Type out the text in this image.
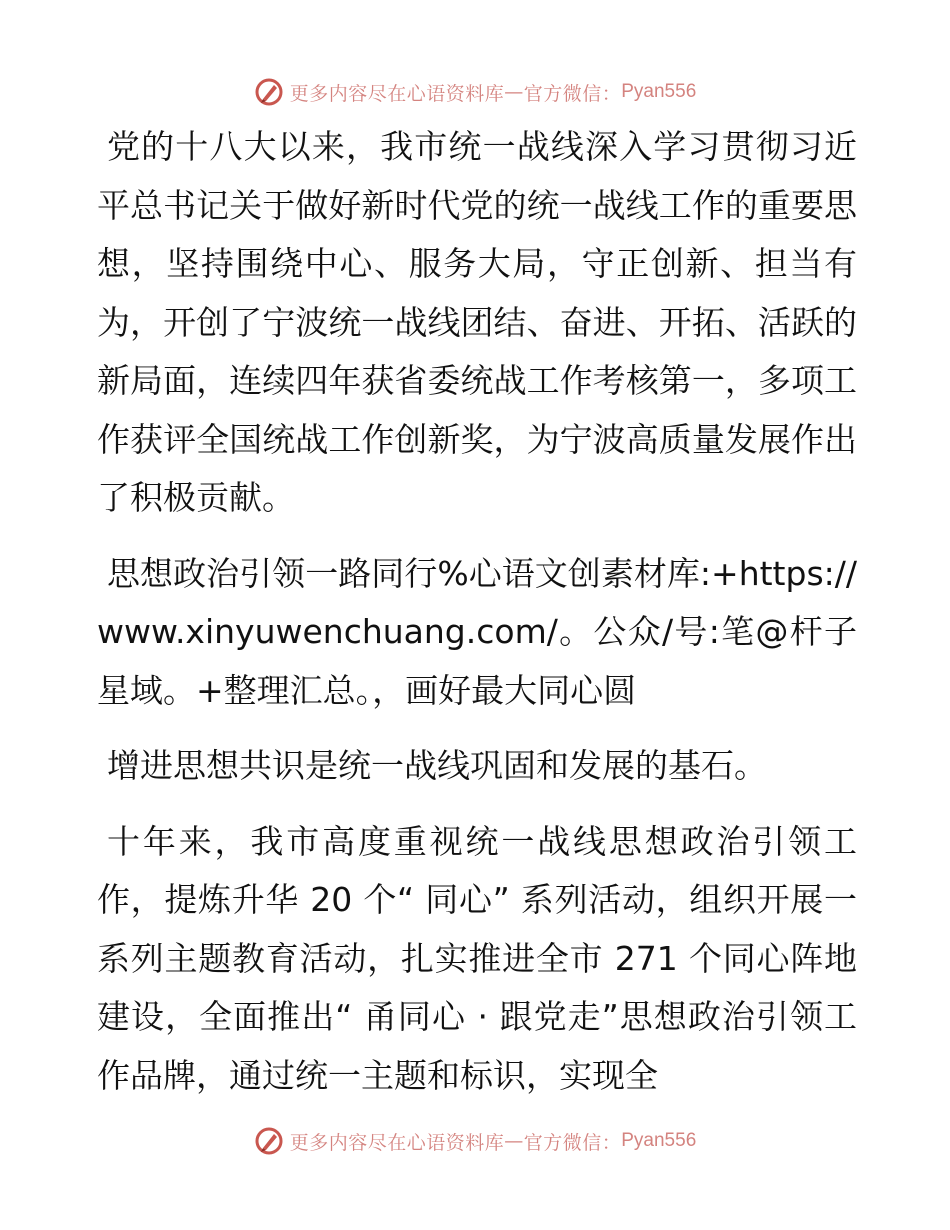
更多内容尽在心语资料库 — 官方微信： Pyan556

党的十八大以来，我市统一战线深入学习贯彻习近平总书记关于做好新时代党的统一战线工作的重要思想，坚持围绕中心、服务大局，守正创新、担当有为，开创了宁波统一战线团结、奋进、开拓、活跃的新局面，连续四年获省委统战工作考核第一，多项工作获评全国统战工作创新奖，为宁波高质量发展作出了积极贡献。

思想政治引领一路同行%心语文创素材库:+https://www.xinyuwenchuang.com/。公众/号:笔@杆子星域。+整理汇总。，画好最大同心圆

增进思想共识是统一战线巩固和发展的基石。

十年来，我市高度重视统一战线思想政治引领工作，提炼升华 20 个“ 同心” 系列活动，组织开展一系列主题教育活动，扎实推进全市 271 个同心阵地建设，全面推出“ 甬同心 · 跟党走”思想政治引领工作品牌，通过统一主题和标识，实现全

更多内容尽在心语资料库 — 官方微信： Pyan556
